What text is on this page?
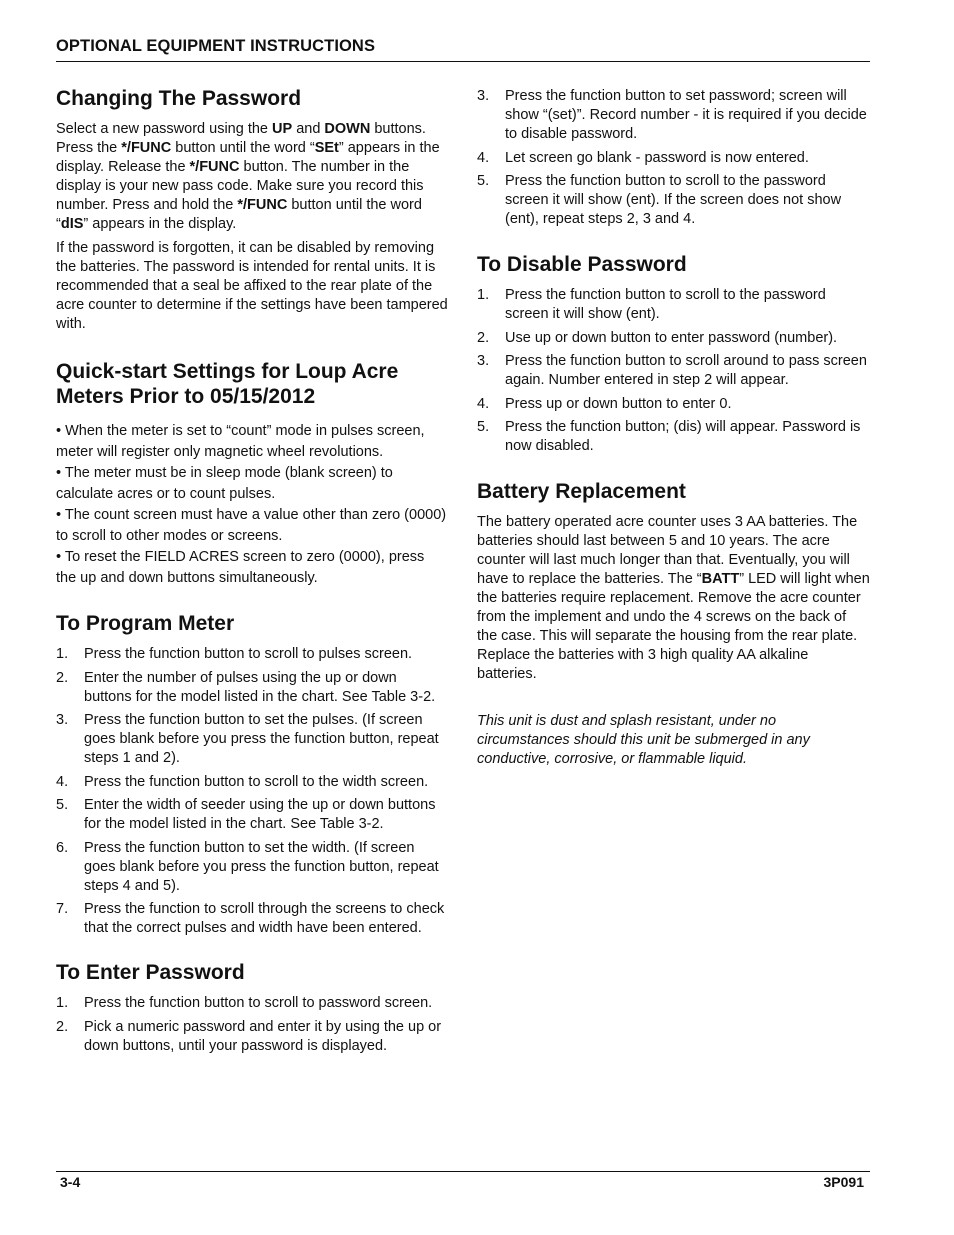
OPTIONAL EQUIPMENT INSTRUCTIONS
Changing The Password

Select a new password using the UP and DOWN buttons. Press the */FUNC button until the word “SEt” appears in the display. Release the */FUNC button. The number in the display is your new pass code. Make sure you record this number. Press and hold the */FUNC button until the word “dIS” appears in the display.

If the password is forgotten, it can be disabled by removing the batteries. The password is intended for rental units. It is recommended that a seal be affixed to the rear plate of the acre counter to determine if the settings have been tampered with.

Quick-start Settings for Loup Acre Meters Prior to 05/15/2012

• When the meter is set to “count” mode in pulses screen, meter will register only magnetic wheel revolutions.

• The meter must be in sleep mode (blank screen) to calculate acres or to count pulses.

• The count screen must have a value other than zero (0000) to scroll to other modes or screens.

• To reset the FIELD ACRES screen to zero (0000), press the up and down buttons simultaneously.

To Program Meter
1. Press the function button to scroll to pulses screen.
2. Enter the number of pulses using the up or down buttons for the model listed in the chart. See Table 3-2.
3. Press the function button to set the pulses. (If screen goes blank before you press the function button, repeat steps 1 and 2).
4. Press the function button to scroll to the width screen.
5. Enter the width of seeder using the up or down buttons for the model listed in the chart. See Table 3-2.
6. Press the function button to set the width. (If screen goes blank before you press the function button, repeat steps 4 and 5).
7. Press the function to scroll through the screens to check that the correct pulses and width have been entered.
To Enter Password
1. Press the function button to scroll to password screen.
2. Pick a numeric password and enter it by using the up or down buttons, until your password is displayed.
3. Press the function button to set password; screen will show “(set)”. Record number - it is required if you decide to disable password.
4. Let screen go blank - password is now entered.
5. Press the function button to scroll to the password screen it will show (ent). If the screen does not show (ent), repeat steps 2, 3 and 4.
To Disable Password
1. Press the function button to scroll to the password screen it will show (ent).
2. Use up or down button to enter password (number).
3. Press the function button to scroll around to pass screen again. Number entered in step 2 will appear.
4. Press up or down button to enter 0.
5. Press the function button; (dis) will appear. Password is now disabled.
Battery Replacement

The battery operated acre counter uses 3 AA batteries. The batteries should last between 5 and 10 years. The acre counter will last much longer than that. Eventually, you will have to replace the batteries. The “BATT” LED will light when the batteries require replacement. Remove the acre counter from the implement and undo the 4 screws on the back of the case. This will separate the housing from the rear plate. Replace the batteries with 3 high quality AA alkaline batteries.

This unit is dust and splash resistant, under no circumstances should this unit be submerged in any conductive, corrosive, or flammable liquid.

3-4	3P091
